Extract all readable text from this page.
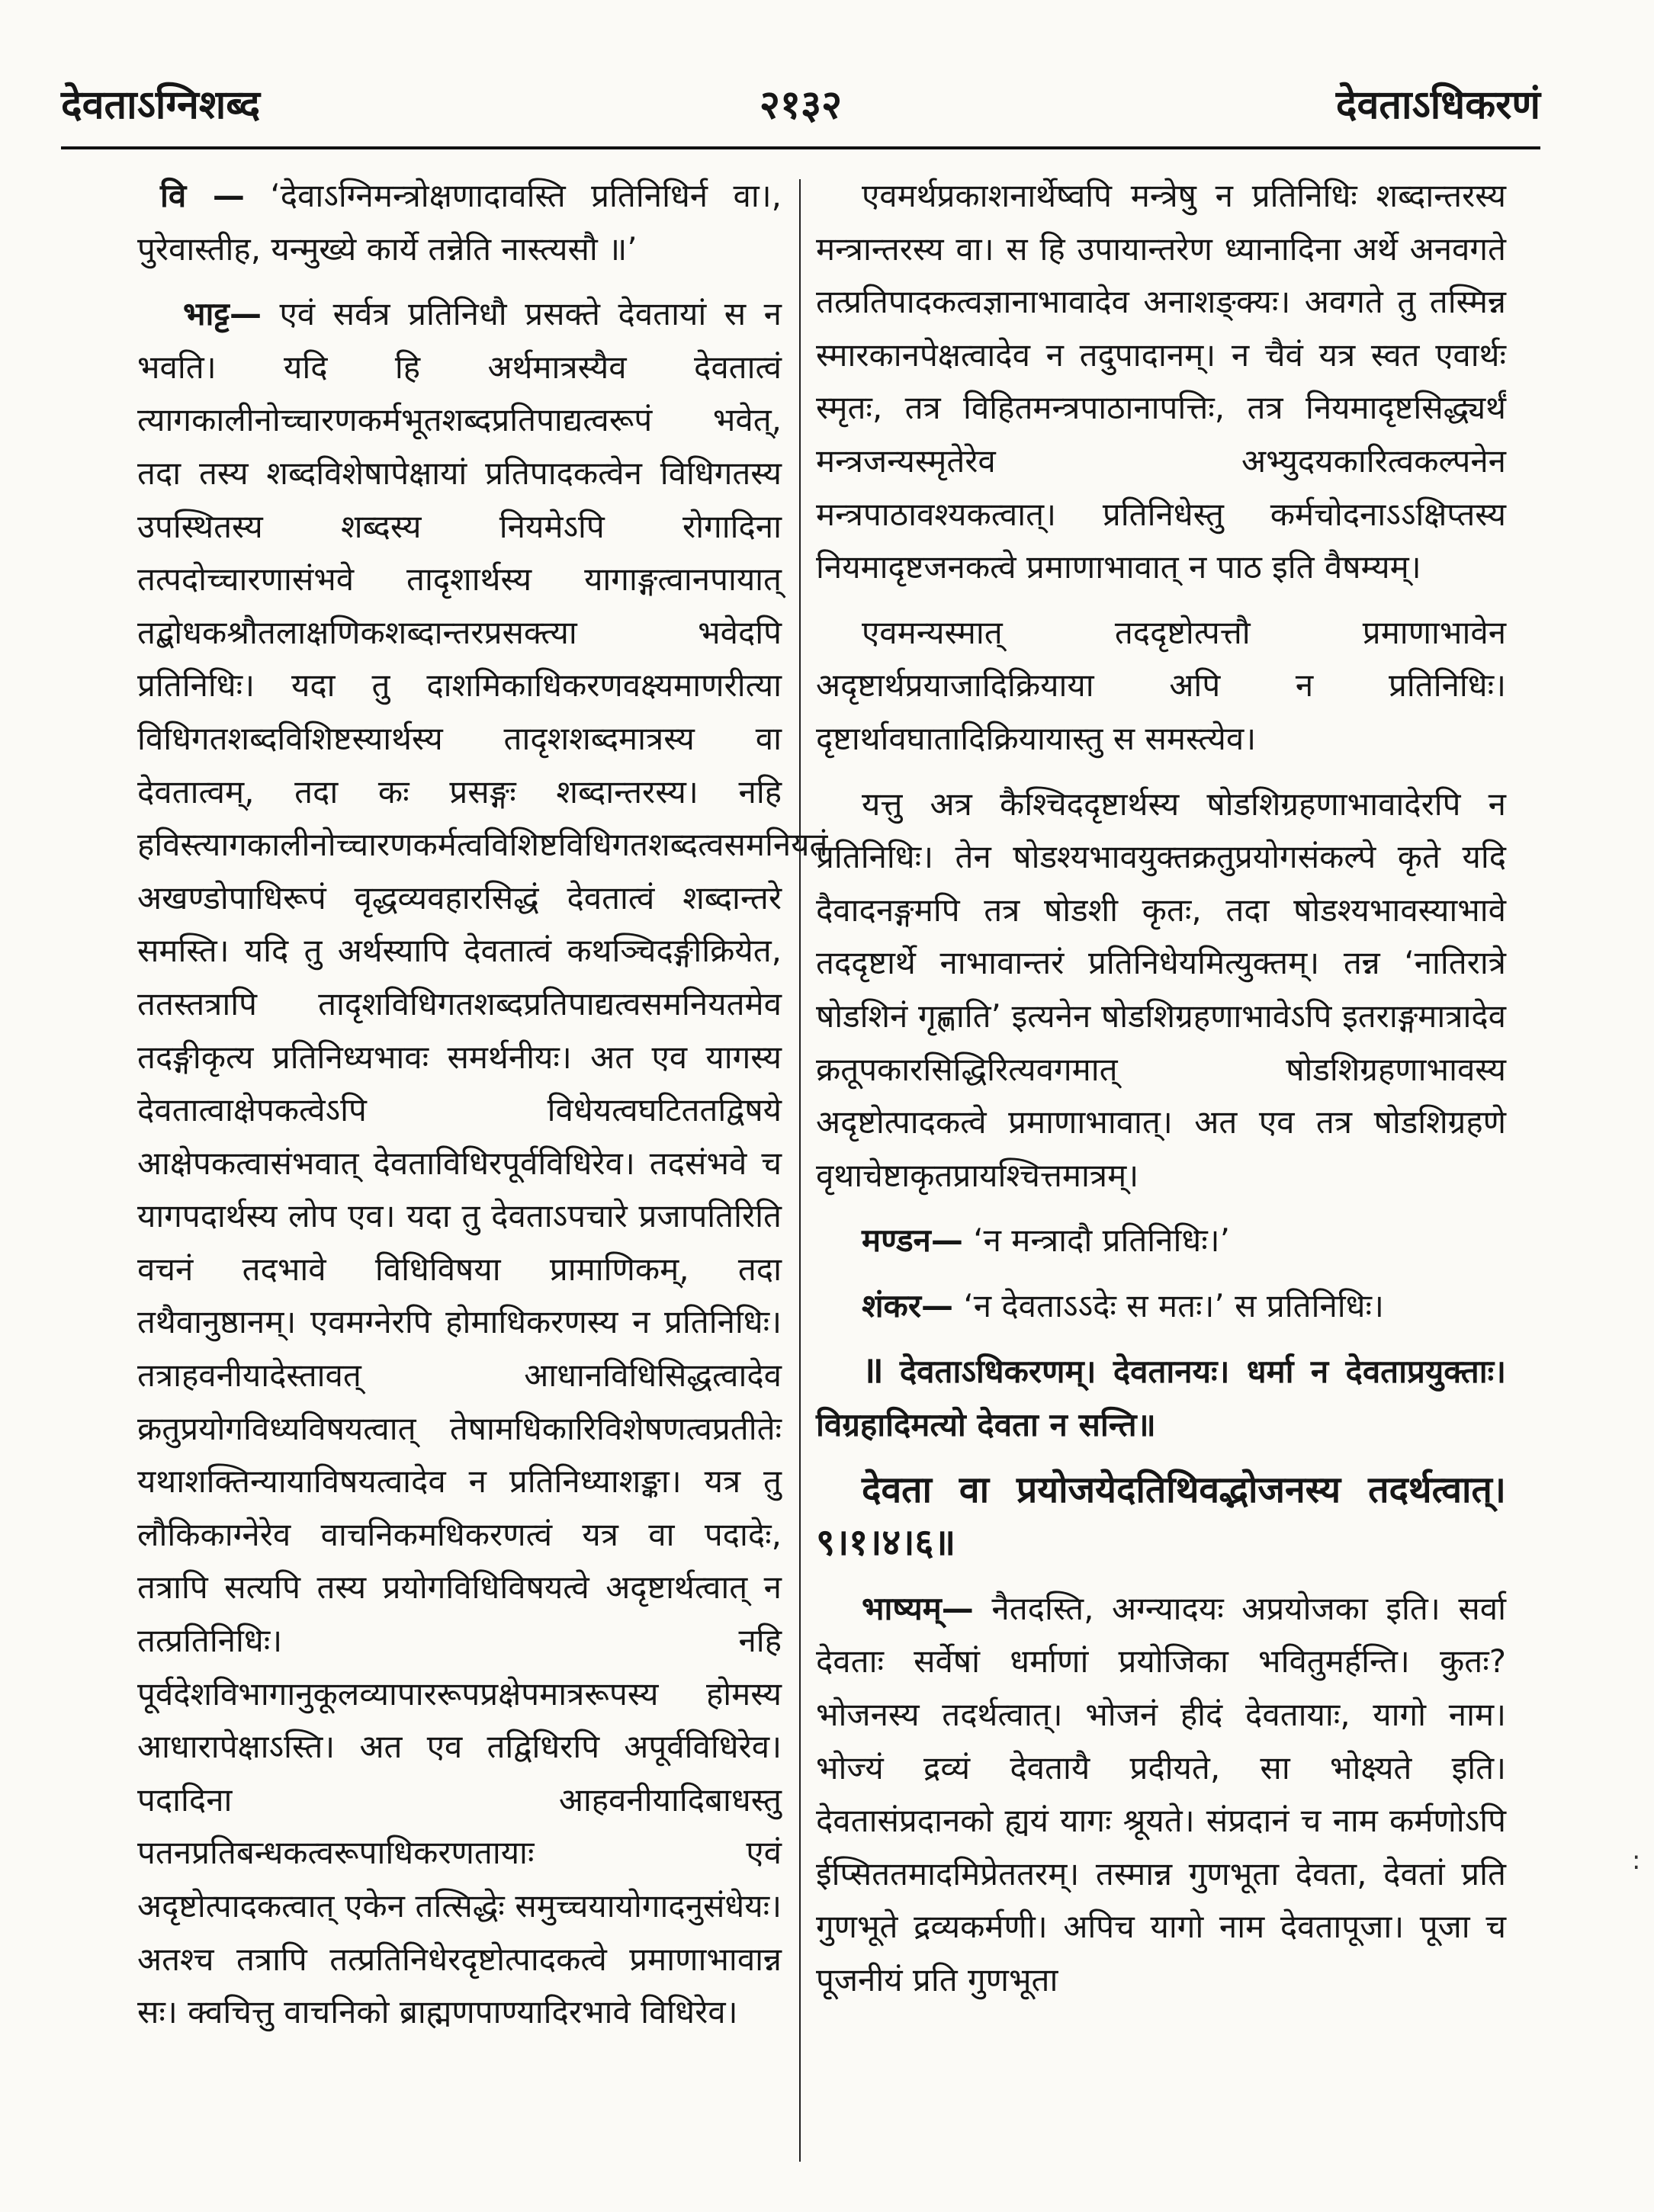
देवताऽग्निशब्द	२१३२	देवताऽधिकरणं

वि — ‘देवाऽग्निमन्त्रोक्षणादावस्ति प्रतिनिधिर्न वा।, पुरेवास्तीह, यन्मुख्ये कार्ये तन्नेति नास्त्यसौ ॥’

भाट्ट— एवं सर्वत्र प्रतिनिधौ प्रसक्ते देवतायां स न भवति। यदि हि अर्थमात्रस्यैव देवतात्वं त्यागकालीनोच्चारणकर्मभूतशब्दप्रतिपाद्यत्वरूपं भवेत्, तदा तस्य शब्दविशेषापेक्षायां प्रतिपादकत्वेन विधिगतस्य उपस्थितस्य शब्दस्य नियमेऽपि रोगादिना तत्पदोच्चारणासंभवे तादृशार्थस्य यागाङ्गत्वानपायात् तद्बोधकश्रौतलाक्षणिकशब्दान्तरप्रसक्त्या भवेदपि प्रतिनिधिः। यदा तु दाशमिकाधिकरणवक्ष्यमाणरीत्या विधिगतशब्दविशिष्टस्यार्थस्य तादृशशब्दमात्रस्य वा देवतात्वम्, तदा कः प्रसङ्गः शब्दान्तरस्य। नहि हविस्त्यागकालीनोच्चारणकर्मत्वविशिष्टविधिगतशब्दत्वसमनियतं अखण्डोपाधिरूपं वृद्धव्यवहारसिद्धं देवतात्वं शब्दान्तरे समस्ति। यदि तु अर्थस्यापि देवतात्वं कथञ्चिदङ्गीक्रियेत, ततस्तत्रापि तादृशविधिगतशब्दप्रतिपाद्यत्वसमनियतमेव तदङ्गीकृत्य प्रतिनिध्यभावः समर्थनीयः। अत एव यागस्य देवतात्वाक्षेपकत्वेऽपि विधेयत्वघटिततद्विषये आक्षेपकत्वासंभवात् देवताविधिरपूर्वविधिरेव। तदसंभवे च यागपदार्थस्य लोप एव। यदा तु देवताऽपचारे प्रजापतिरिति वचनं तदभावे विधिविषया प्रामाणिकम्, तदा तथैवानुष्ठानम्। एवमग्नेरपि होमाधिकरणस्य न प्रतिनिधिः। तत्राहवनीयादेस्तावत् आधानविधिसिद्धत्वादेव क्रतुप्रयोगविध्यविषयत्वात् तेषामधिकारिविशेषणत्वप्रतीतेः यथाशक्तिन्यायाविषयत्वादेव न प्रतिनिध्याशङ्का। यत्र तु लौकिकाग्नेरेव वाचनिकमधिकरणत्वं यत्र वा पदादेः, तत्रापि सत्यपि तस्य प्रयोगविधिविषयत्वे अदृष्टार्थत्वात् न तत्प्रतिनिधिः। नहि पूर्वदेशविभागानुकूलव्यापाररूपप्रक्षेपमात्ररूपस्य होमस्य आधारापेक्षाऽस्ति। अत एव तद्विधिरपि अपूर्वविधिरेव। पदादिना आहवनीयादिबाधस्तु पतनप्रतिबन्धकत्वरूपाधिकरणतायाः एवं अदृष्टोत्पादकत्वात् एकेन तत्सिद्धेः समुच्चयायोगादनुसंधेयः। अतश्च तत्रापि तत्प्रतिनिधेरदृष्टोत्पादकत्वे प्रमाणाभावान्न सः। क्वचित्तु वाचनिको ब्राह्मणपाण्यादिरभावे विधिरेव।

एवमर्थप्रकाशनार्थेष्वपि मन्त्रेषु न प्रतिनिधिः शब्दान्तरस्य मन्त्रान्तरस्य वा। स हि उपायान्तरेण ध्यानादिना अर्थे अनवगते तत्प्रतिपादकत्वज्ञानाभावादेव अनाशङ्क्यः। अवगते तु तस्मिन्न स्मारकानपेक्षत्वादेव न तदुपादानम्। न चैवं यत्र स्वत एवार्थः स्मृतः, तत्र विहितमन्त्रपाठानापत्तिः, तत्र नियमादृष्टसिद्ध्यर्थं मन्त्रजन्यस्मृतेरेव अभ्युदयकारित्वकल्पनेन मन्त्रपाठावश्यकत्वात्। प्रतिनिधेस्तु कर्मचोदनाऽऽक्षिप्तस्य नियमादृष्टजनकत्वे प्रमाणाभावात् न पाठ इति वैषम्यम्।

एवमन्यस्मात् तददृष्टोत्पत्तौ प्रमाणाभावेन अदृष्टार्थप्रयाजादिक्रियाया अपि न प्रतिनिधिः। दृष्टार्थावघातादिक्रियायास्तु स समस्त्येव।

यत्तु अत्र कैश्चिददृष्टार्थस्य षोडशिग्रहणाभावादेरपि न प्रतिनिधिः। तेन षोडश्यभावयुक्तक्रतुप्रयोगसंकल्पे कृते यदि दैवादनङ्गमपि तत्र षोडशी कृतः, तदा षोडश्यभावस्याभावे तददृष्टार्थे नाभावान्तरं प्रतिनिधेयमित्युक्तम्। तन्न ‘नातिरात्रे षोडशिनं गृह्णाति’ इत्यनेन षोडशिग्रहणाभावेऽपि इतराङ्गमात्रादेव क्रतूपकारसिद्धिरित्यवगमात् षोडशिग्रहणाभावस्य अदृष्टोत्पादकत्वे प्रमाणाभावात्। अत एव तत्र षोडशिग्रहणे वृथाचेष्टाकृतप्रायश्चित्तमात्रम्।

मण्डन— ‘न मन्त्रादौ प्रतिनिधिः।’

शंकर— ‘न देवताऽऽदेः स मतः।’ स प्रतिनिधिः।

॥ देवताऽधिकरणम्। देवतानयः। धर्मा न देवताप्रयुक्ताः। विग्रहादिमत्यो देवता न सन्ति॥

देवता वा प्रयोजयेदतिथिवद्भोजनस्य तदर्थत्वात्। ९।१।४।६॥

भाष्यम्— नैतदस्ति, अग्न्यादयः अप्रयोजका इति। सर्वा देवताः सर्वेषां धर्माणां प्रयोजिका भवितुमर्हन्ति। कुतः? भोजनस्य तदर्थत्वात्। भोजनं हीदं देवतायाः, यागो नाम। भोज्यं द्रव्यं देवतायै प्रदीयते, सा भोक्ष्यते इति। देवतासंप्रदानको ह्ययं यागः श्रूयते। संप्रदानं च नाम कर्मणोऽपि ईप्सिततमादमिप्रेततरम्। तस्मान्न गुणभूता देवता, देवतां प्रति गुणभूते द्रव्यकर्मणी। अपिच यागो नाम देवतापूजा। पूजा च पूजनीयं प्रति गुणभूता

:
